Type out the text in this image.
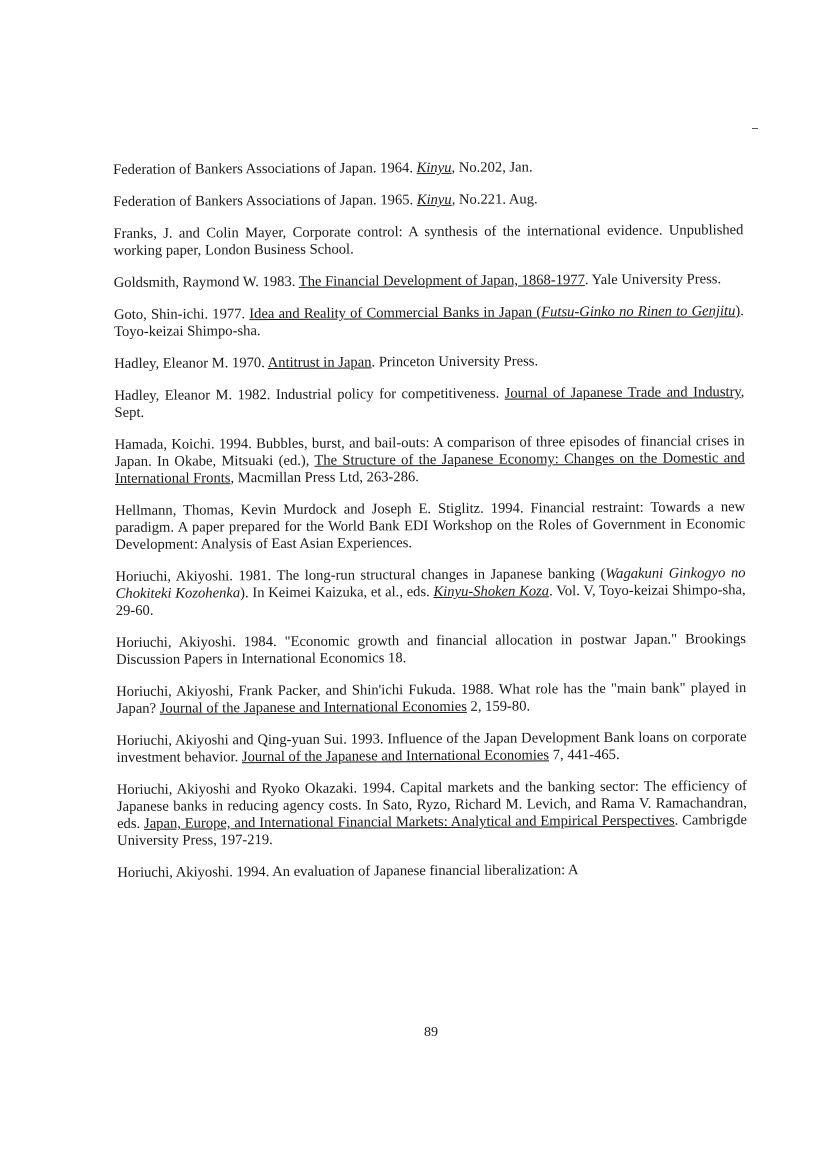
Federation of Bankers Associations of Japan. 1964. Kinyu, No.202, Jan.

Federation of Bankers Associations of Japan. 1965. Kinyu, No.221. Aug.

Franks, J. and Colin Mayer, Corporate control: A synthesis of the international evidence. Unpublished working paper, London Business School.

Goldsmith, Raymond W. 1983. The Financial Development of Japan, 1868-1977. Yale University Press.

Goto, Shin-ichi. 1977. Idea and Reality of Commercial Banks in Japan (Futsu-Ginko no Rinen to Genjitu). Toyo-keizai Shimpo-sha.

Hadley, Eleanor M. 1970. Antitrust in Japan. Princeton University Press.

Hadley, Eleanor M. 1982. Industrial policy for competitiveness. Journal of Japanese Trade and Industry, Sept.

Hamada, Koichi. 1994. Bubbles, burst, and bail-outs: A comparison of three episodes of financial crises in Japan. In Okabe, Mitsuaki (ed.), The Structure of the Japanese Economy: Changes on the Domestic and International Fronts, Macmillan Press Ltd, 263-286.

Hellmann, Thomas, Kevin Murdock and Joseph E. Stiglitz. 1994. Financial restraint: Towards a new paradigm. A paper prepared for the World Bank EDI Workshop on the Roles of Government in Economic Development: Analysis of East Asian Experiences.

Horiuchi, Akiyoshi. 1981. The long-run structural changes in Japanese banking (Wagakuni Ginkogyo no Chokiteki Kozohenka). In Keimei Kaizuka, et al., eds. Kinyu-Shoken Koza. Vol. V, Toyo-keizai Shimpo-sha, 29-60.

Horiuchi, Akiyoshi. 1984. "Economic growth and financial allocation in postwar Japan." Brookings Discussion Papers in International Economics 18.

Horiuchi, Akiyoshi, Frank Packer, and Shin'ichi Fukuda. 1988. What role has the "main bank" played in Japan? Journal of the Japanese and International Economies 2, 159-80.

Horiuchi, Akiyoshi and Qing-yuan Sui. 1993. Influence of the Japan Development Bank loans on corporate investment behavior. Journal of the Japanese and International Economies 7, 441-465.

Horiuchi, Akiyoshi and Ryoko Okazaki. 1994. Capital markets and the banking sector: The efficiency of Japanese banks in reducing agency costs. In Sato, Ryzo, Richard M. Levich, and Rama V. Ramachandran, eds. Japan, Europe, and International Financial Markets: Analytical and Empirical Perspectives. Cambrigde University Press, 197-219.

Horiuchi, Akiyoshi. 1994. An evaluation of Japanese financial liberalization: A

89
